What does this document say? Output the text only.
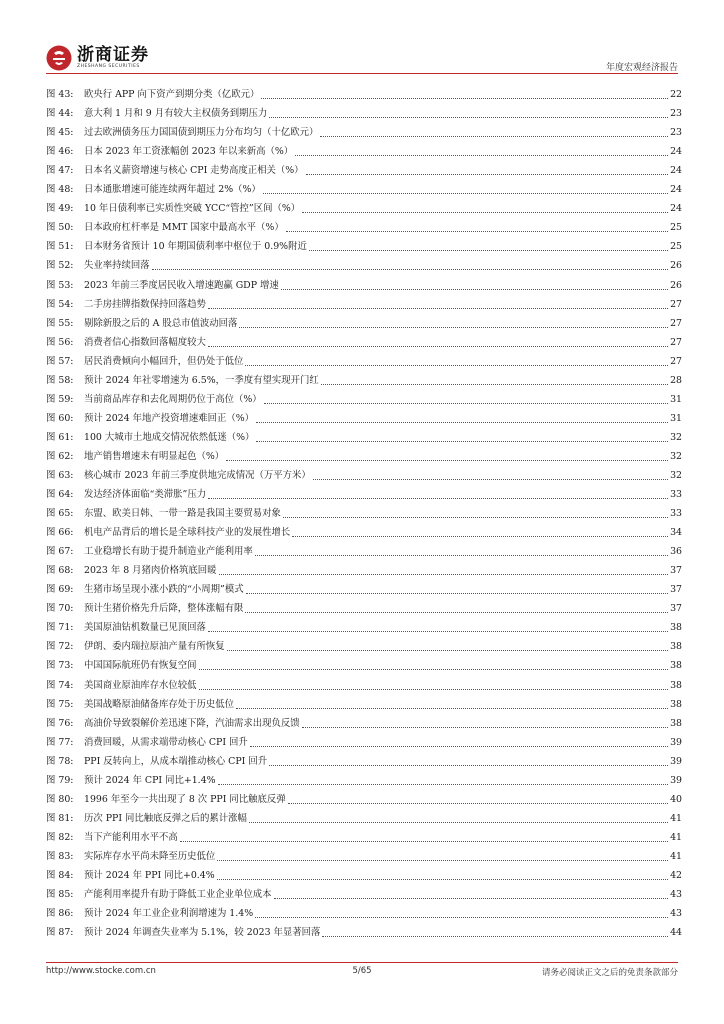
浙商证券
ZHESHANG SECURITIES	年度宏观经济报告
图 43:	欧央行 APP 向下资产到期分类（亿欧元）	22
图 44:	意大利 1 月和 9 月有较大主权债务到期压力	23
图 45:	过去欧洲债务压力国国债到期压力分布均匀（十亿欧元）	23
图 46:	日本 2023 年工资涨幅创 2023 年以来新高（%）	24
图 47:	日本名义薪资增速与核心 CPI 走势高度正相关（%）	24
图 48:	日本通胀增速可能连续两年超过 2%（%）	24
图 49:	10 年日债利率已实质性突破 YCC“管控”区间（%）	24
图 50:	日本政府杠杆率是 MMT 国家中最高水平（%）	25
图 51:	日本财务省预计 10 年期国债利率中枢位于 0.9%附近	25
图 52:	失业率持续回落	26
图 53:	2023 年前三季度居民收入增速跑赢 GDP 增速	26
图 54:	二手房挂牌指数保持回落趋势	27
图 55:	剔除新股之后的 A 股总市值波动回落	27
图 56:	消费者信心指数回落幅度较大	27
图 57:	居民消费倾向小幅回升，但仍处于低位	27
图 58:	预计 2024 年社零增速为 6.5%，一季度有望实现开门红	28
图 59:	当前商品库存和去化周期仍位于高位（%）	31
图 60:	预计 2024 年地产投资增速难回正（%）	31
图 61:	100 大城市土地成交情况依然低迷（%）	32
图 62:	地产销售增速未有明显起色（%）	32
图 63:	核心城市 2023 年前三季度供地完成情况（万平方米）	32
图 64:	发达经济体面临“类滞胀”压力	33
图 65:	东盟、欧美日韩、一带一路是我国主要贸易对象	33
图 66:	机电产品背后的增长是全球科技产业的发展性增长	34
图 67:	工业稳增长有助于提升制造业产能利用率	36
图 68:	2023 年 8 月猪肉价格筑底回暖	37
图 69:	生猪市场呈现小涨小跌的“小周期”模式	37
图 70:	预计生猪价格先升后降，整体涨幅有限	37
图 71:	美国原油钻机数量已见顶回落	38
图 72:	伊朗、委内瑞拉原油产量有所恢复	38
图 73:	中国国际航班仍有恢复空间	38
图 74:	美国商业原油库存水位较低	38
图 75:	美国战略原油储备库存处于历史低位	38
图 76:	高油价导致裂解价差迅速下降，汽油需求出现负反馈	38
图 77:	消费回暖，从需求端带动核心 CPI 回升	39
图 78:	PPI 反转向上，从成本端推动核心 CPI 回升	39
图 79:	预计 2024 年 CPI 同比+1.4%	39
图 80:	1996 年至今一共出现了 8 次 PPI 同比触底反弹	40
图 81:	历次 PPI 同比触底反弹之后的累计涨幅	41
图 82:	当下产能利用水平不高	41
图 83:	实际库存水平尚未降至历史低位	41
图 84:	预计 2024 年 PPI 同比+0.4%	42
图 85:	产能利用率提升有助于降低工业企业单位成本	43
图 86:	预计 2024 年工业企业利润增速为 1.4%	43
图 87:	预计 2024 年调查失业率为 5.1%，较 2023 年显著回落	44
http://www.stocke.com.cn	5/65	请务必阅读正文之后的免责条款部分
